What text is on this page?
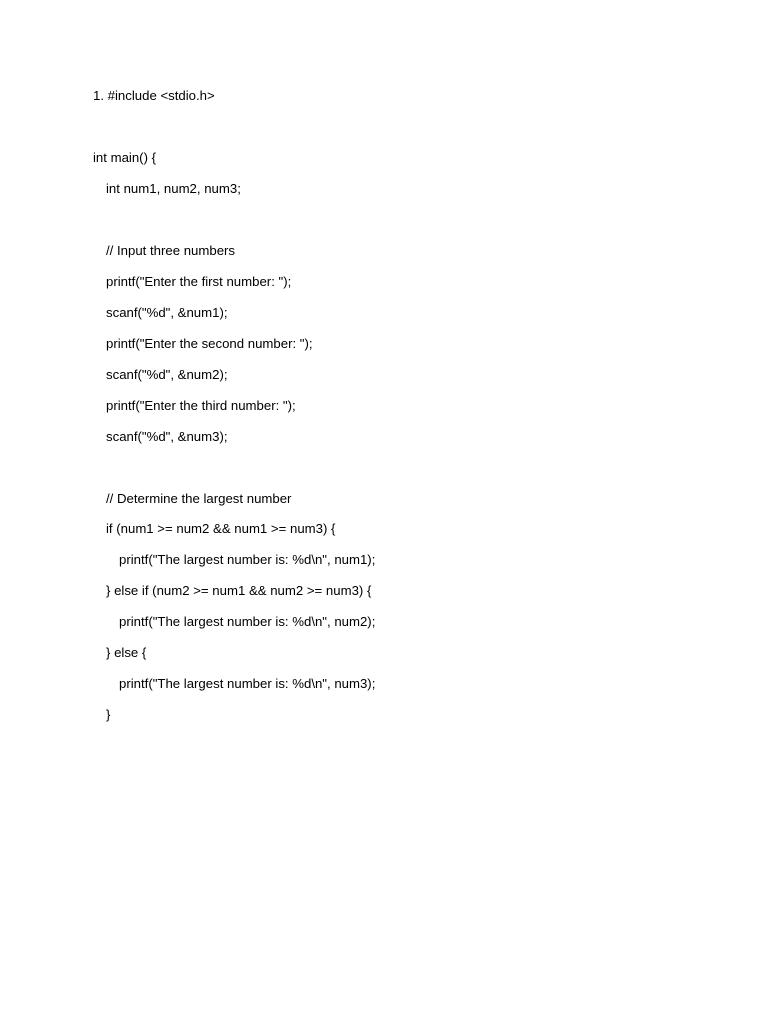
1. #include <stdio.h>
int main() {
int num1, num2, num3;
// Input three numbers
printf("Enter the first number: ");
scanf("%d", &num1);
printf("Enter the second number: ");
scanf("%d", &num2);
printf("Enter the third number: ");
scanf("%d", &num3);
// Determine the largest number
if (num1 >= num2 && num1 >= num3) {
printf("The largest number is: %d\n", num1);
} else if (num2 >= num1 && num2 >= num3) {
printf("The largest number is: %d\n", num2);
} else {
printf("The largest number is: %d\n", num3);
}
